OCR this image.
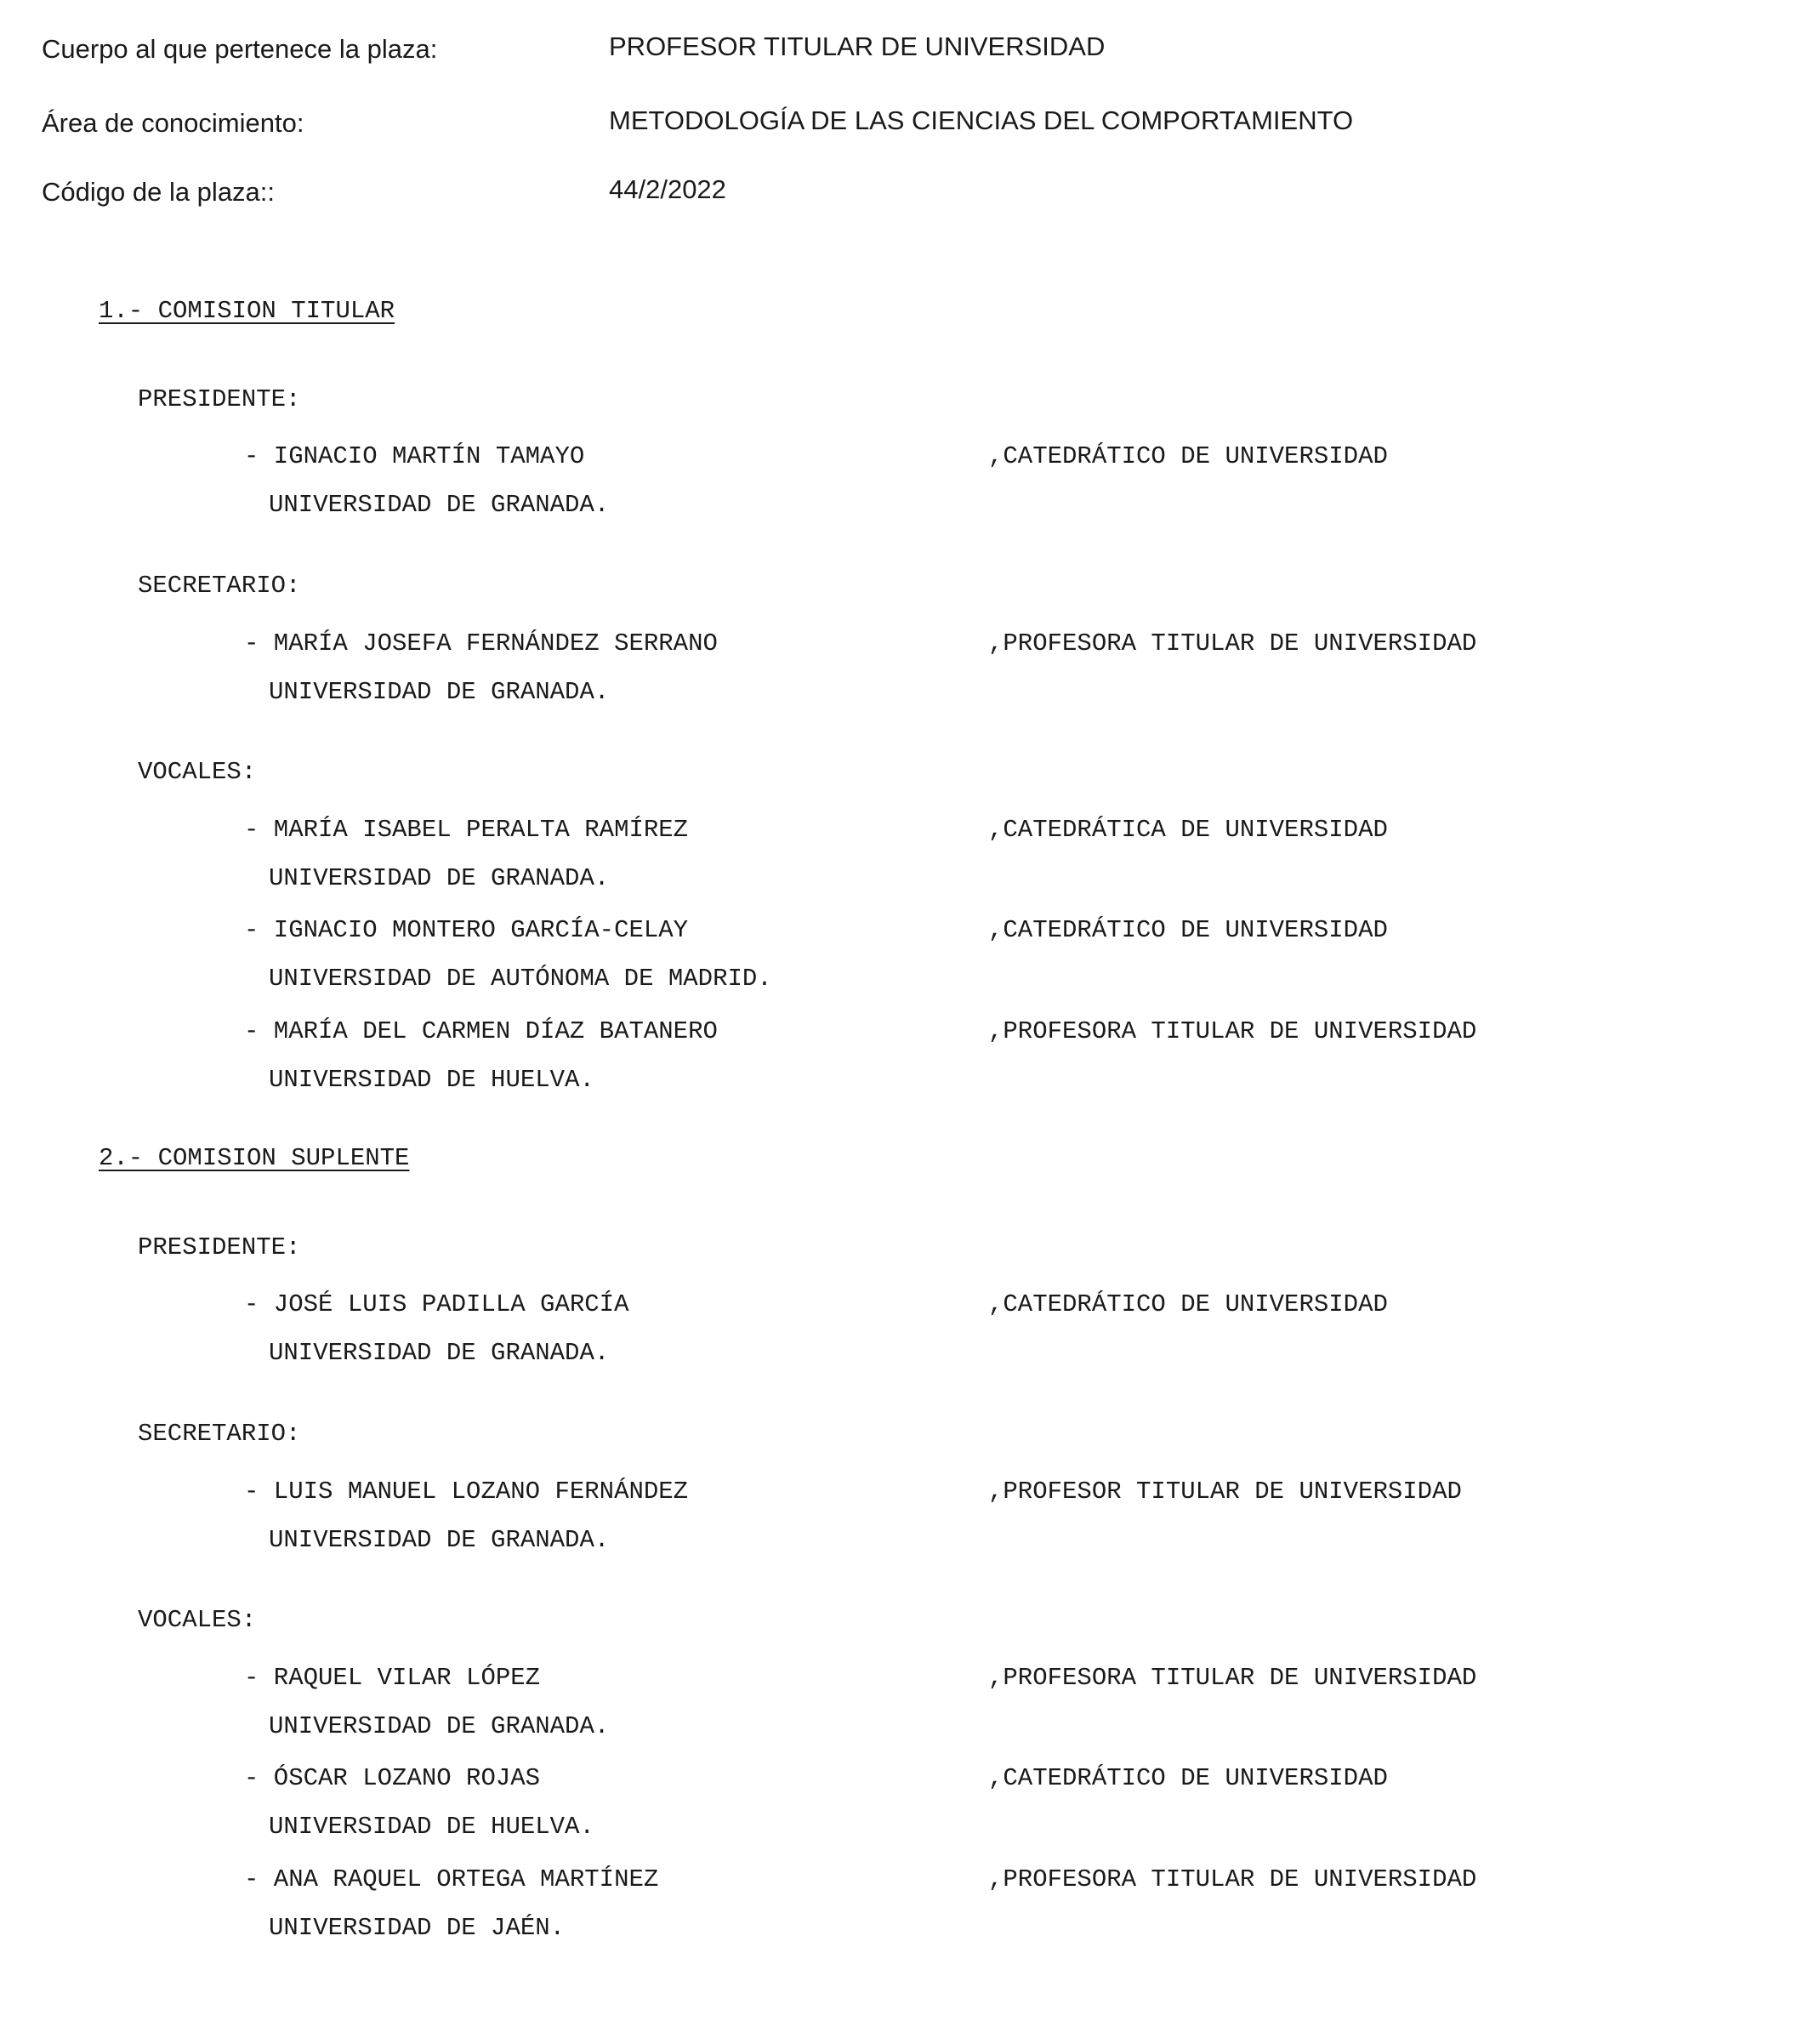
Cuerpo al que pertenece la plaza:	PROFESOR TITULAR DE UNIVERSIDAD
Área de conocimiento:	METODOLOGÍA DE LAS CIENCIAS DEL COMPORTAMIENTO
Código de la plaza::	44/2/2022
1.- COMISION TITULAR
PRESIDENTE:
- IGNACIO MARTÍN TAMAYO	,CATEDRÁTICO DE UNIVERSIDAD
UNIVERSIDAD DE GRANADA.
SECRETARIO:
- MARÍA JOSEFA FERNÁNDEZ SERRANO	,PROFESORA TITULAR DE UNIVERSIDAD
UNIVERSIDAD DE GRANADA.
VOCALES:
- MARÍA ISABEL PERALTA RAMÍREZ	,CATEDRÁTICA DE UNIVERSIDAD
UNIVERSIDAD DE GRANADA.
- IGNACIO MONTERO GARCÍA-CELAY	,CATEDRÁTICO DE UNIVERSIDAD
UNIVERSIDAD DE AUTÓNOMA DE MADRID.
- MARÍA DEL CARMEN DÍAZ BATANERO	,PROFESORA TITULAR DE UNIVERSIDAD
UNIVERSIDAD DE HUELVA.
2.- COMISION SUPLENTE
PRESIDENTE:
- JOSÉ LUIS PADILLA GARCÍA	,CATEDRÁTICO DE UNIVERSIDAD
UNIVERSIDAD DE GRANADA.
SECRETARIO:
- LUIS MANUEL LOZANO FERNÁNDEZ	,PROFESOR TITULAR DE UNIVERSIDAD
UNIVERSIDAD DE GRANADA.
VOCALES:
- RAQUEL VILAR LÓPEZ	,PROFESORA TITULAR DE UNIVERSIDAD
UNIVERSIDAD DE GRANADA.
- ÓSCAR LOZANO ROJAS	,CATEDRÁTICO DE UNIVERSIDAD
UNIVERSIDAD DE HUELVA.
- ANA RAQUEL ORTEGA MARTÍNEZ	,PROFESORA TITULAR DE UNIVERSIDAD
UNIVERSIDAD DE JAÉN.
